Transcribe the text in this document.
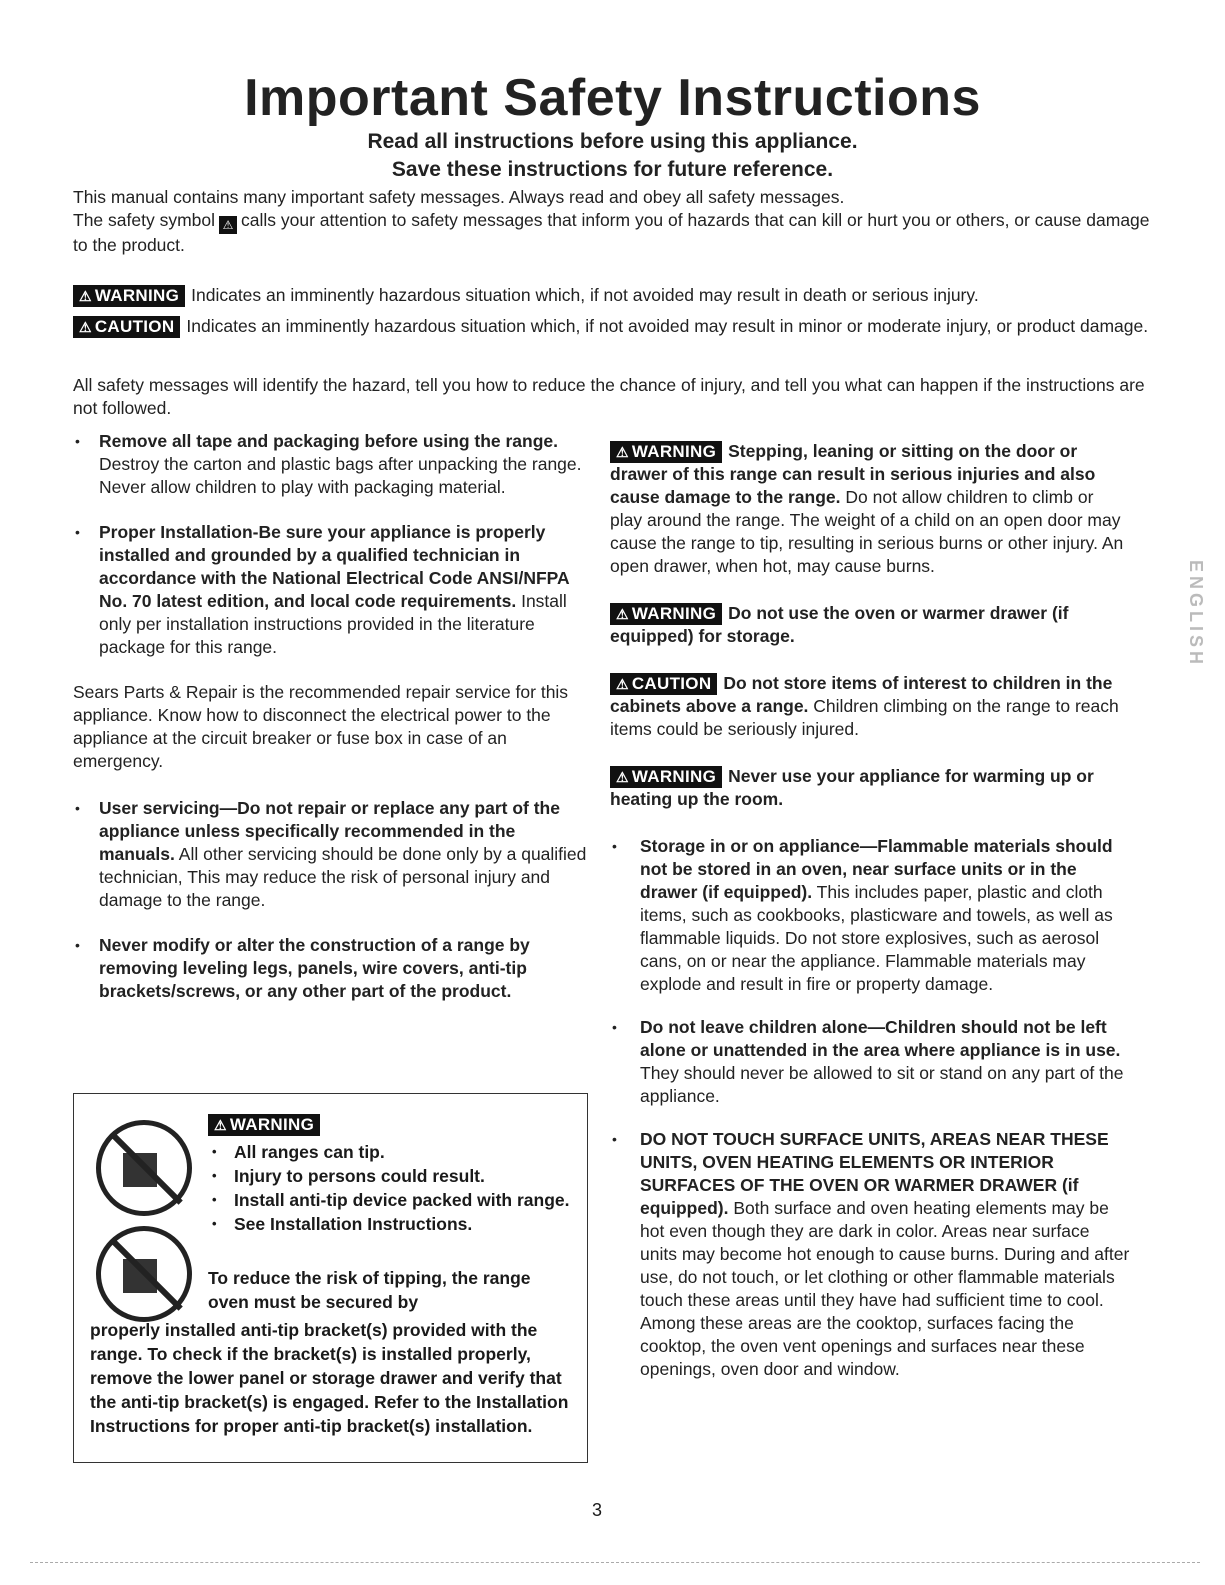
Important Safety Instructions
Read all instructions before using this appliance.
Save these instructions for future reference.
This manual contains many important safety messages. Always read and obey all safety messages.
The safety symbol ⚠ calls your attention to safety messages that inform you of hazards that can kill or hurt you or others, or cause damage to the product.
⚠ WARNING Indicates an imminently hazardous situation which, if not avoided may result in death or serious injury.
⚠ CAUTION Indicates an imminently hazardous situation which, if not avoided may result in minor or moderate injury, or product damage.
All safety messages will identify the hazard, tell you how to reduce the chance of injury, and tell you what can happen if the instructions are not followed.
• Remove all tape and packaging before using the range. Destroy the carton and plastic bags after unpacking the range. Never allow children to play with packaging material.
• Proper Installation-Be sure your appliance is properly installed and grounded by a qualified technician in accordance with the National Electrical Code ANSI/NFPA No. 70 latest edition, and local code requirements. Install only per installation instructions provided in the literature package for this range.
Sears Parts & Repair is the recommended repair service for this appliance. Know how to disconnect the electrical power to the appliance at the circuit breaker or fuse box in case of an emergency.
• User servicing—Do not repair or replace any part of the appliance unless specifically recommended in the manuals. All other servicing should be done only by a qualified technician, This may reduce the risk of personal injury and damage to the range.
• Never modify or alter the construction of a range by removing leveling legs, panels, wire covers, anti-tip brackets/screws, or any other part of the product.
⚠ WARNING
• All ranges can tip.
• Injury to persons could result.
• Install anti-tip device packed with range.
• See Installation Instructions.
To reduce the risk of tipping, the range oven must be secured by
properly installed anti-tip bracket(s) provided with the range. To check if the bracket(s) is installed properly, remove the lower panel or storage drawer and verify that the anti-tip bracket(s) is engaged. Refer to the Installation Instructions for proper anti-tip bracket(s) installation.
⚠ WARNING Stepping, leaning or sitting on the door or drawer of this range can result in serious injuries and also cause damage to the range. Do not allow children to climb or play around the range. The weight of a child on an open door may cause the range to tip, resulting in serious burns or other injury. An open drawer, when hot, may cause burns.
⚠ WARNING Do not use the oven or warmer drawer (if equipped) for storage.
⚠ CAUTION Do not store items of interest to children in the cabinets above a range. Children climbing on the range to reach items could be seriously injured.
⚠ WARNING Never use your appliance for warming up or heating up the room.
• Storage in or on appliance—Flammable materials should not be stored in an oven, near surface units or in the drawer (if equipped). This includes paper, plastic and cloth items, such as cookbooks, plasticware and towels, as well as flammable liquids. Do not store explosives, such as aerosol cans, on or near the appliance. Flammable materials may explode and result in fire or property damage.
• Do not leave children alone—Children should not be left alone or unattended in the area where appliance is in use. They should never be allowed to sit or stand on any part of the appliance.
• DO NOT TOUCH SURFACE UNITS, AREAS NEAR THESE UNITS, OVEN HEATING ELEMENTS OR INTERIOR SURFACES OF THE OVEN OR WARMER DRAWER (if equipped). Both surface and oven heating elements may be hot even though they are dark in color. Areas near surface units may become hot enough to cause burns. During and after use, do not touch, or let clothing or other flammable materials touch these areas until they have had sufficient time to cool. Among these areas are the cooktop, surfaces facing the cooktop, the oven vent openings and surfaces near these openings, oven door and window.
3
ENGLISH
